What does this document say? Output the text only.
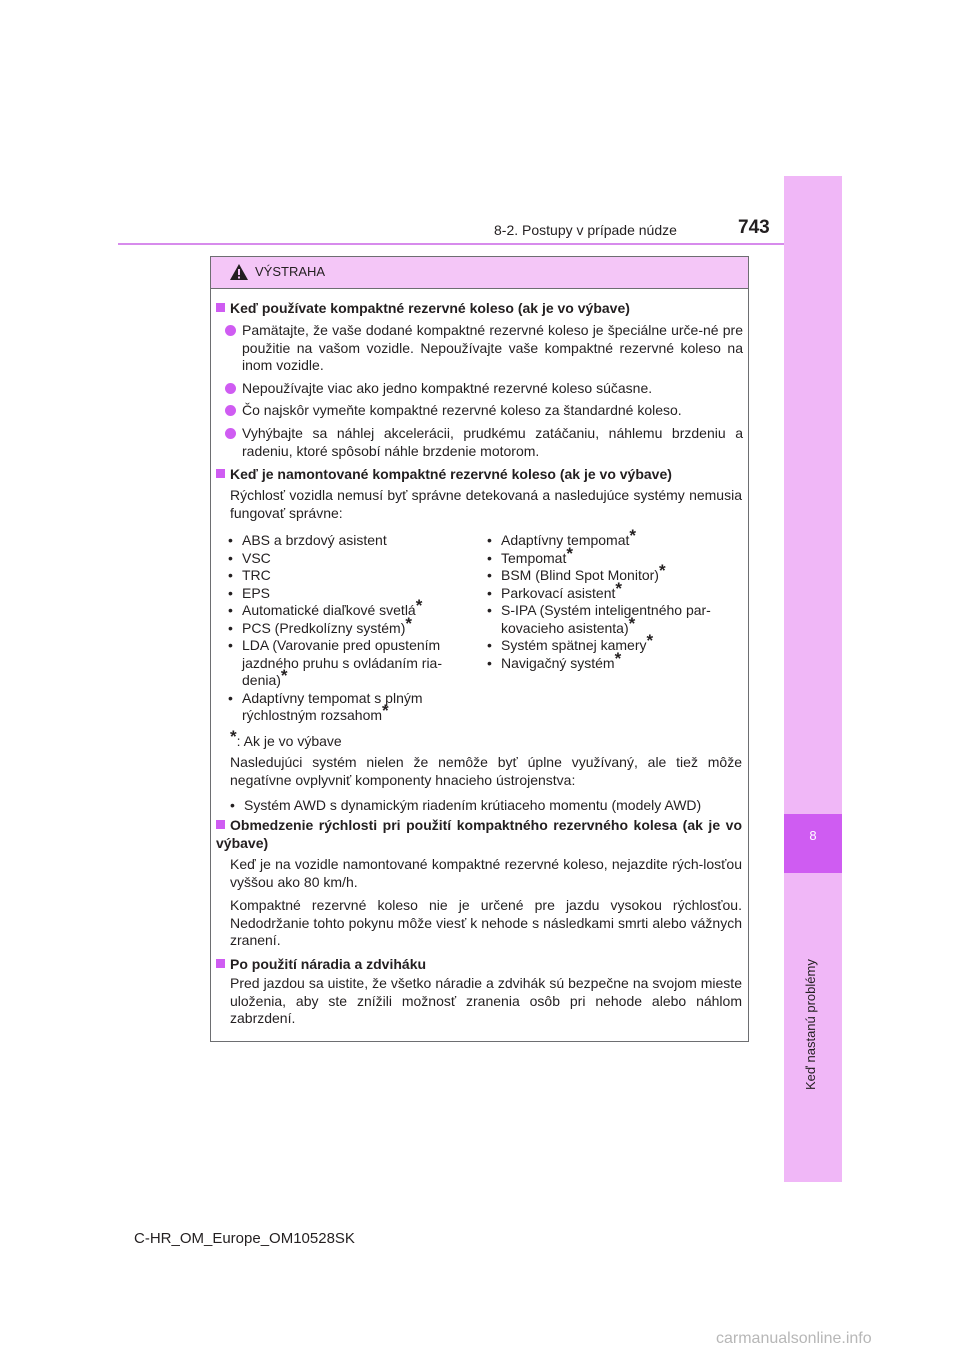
8
Keď nastanú problémy
8-2. Postupy v prípade núdze	743
VÝSTRAHA
Keď používate kompaktné rezervné koleso (ak je vo výbave)
Pamätajte, že vaše dodané kompaktné rezervné koleso je špeciálne urče-né pre použitie na vašom vozidle. Nepoužívajte vaše kompaktné rezervné koleso na inom vozidle.
Nepoužívajte viac ako jedno kompaktné rezervné koleso súčasne.
Čo najskôr vymeňte kompaktné rezervné koleso za štandardné koleso.
Vyhýbajte sa náhlej akcelerácii, prudkému zatáčaniu, náhlemu brzdeniu a radeniu, ktoré spôsobí náhle brzdenie motorom.
Keď je namontované kompaktné rezervné koleso (ak je vo výbave)
Rýchlosť vozidla nemusí byť správne detekovaná a nasledujúce systémy nemusia fungovať správne:
• ABS a brzdový asistent
• VSC
• TRC
• EPS
• Automatické diaľkové svetlá*
• PCS (Predkolízny systém)*
• LDA (Varovanie pred opustením jazdného pruhu s ovládaním ria-denia)*
• Adaptívny tempomat s plným rýchlostným rozsahom*
• Adaptívny tempomat*
• Tempomat*
• BSM (Blind Spot Monitor)*
• Parkovací asistent*
• S-IPA (Systém inteligentného par-kovacieho asistenta)*
• Systém spätnej kamery*
• Navigačný systém*
*: Ak je vo výbave
Nasledujúci systém nielen že nemôže byť úplne využívaný, ale tiež môže negatívne ovplyvniť komponenty hnacieho ústrojenstva:
• Systém AWD s dynamickým riadením krútiaceho momentu (modely AWD)
Obmedzenie rýchlosti pri použití kompaktného rezervného kolesa (ak je vo výbave)
Keď je na vozidle namontované kompaktné rezervné koleso, nejazdite rých-losťou vyššou ako 80 km/h.
Kompaktné rezervné koleso nie je určené pre jazdu vysokou rýchlosťou. Nedodržanie tohto pokynu môže viesť k nehode s následkami smrti alebo vážnych zranení.
Po použití náradia a zdviháku
Pred jazdou sa uistite, že všetko náradie a zdvihák sú bezpečne na svojom mieste uloženia, aby ste znížili možnosť zranenia osôb pri nehode alebo náhlom zabrzdení.
C-HR_OM_Europe_OM10528SK
carmanualsonline.info
